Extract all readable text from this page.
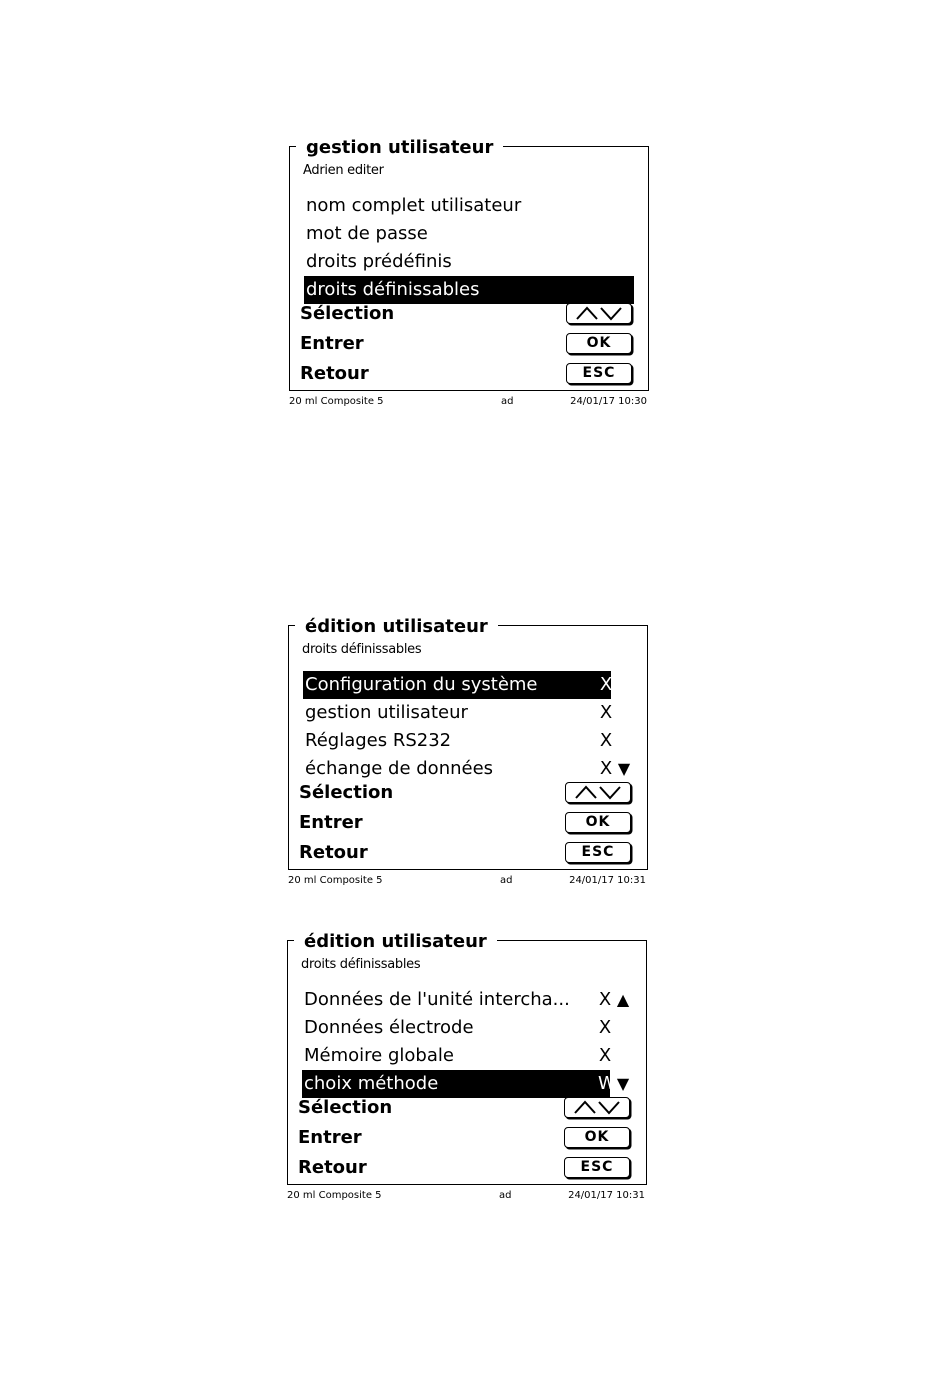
gestion utilisateur
Adrien editer
nom complet utilisateur
mot de passe
droits prédéfinis
droits définissables
Sélection
Entrer	OK
Retour	ESC
20 ml Composite 5	ad	24/01/17 10:30
édition utilisateur
droits définissables
Configuration du système	X
gestion utilisateur	X
Réglages RS232	X
échange de données	X ▼
Sélection
Entrer	OK
Retour	ESC
20 ml Composite 5	ad	24/01/17 10:31
édition utilisateur
droits définissables
Données de l'unité intercha... X ▲
Données électrode	X
Mémoire globale	X
choix méthode	W ▼
Sélection
Entrer	OK
Retour	ESC
20 ml Composite 5	ad	24/01/17 10:31
